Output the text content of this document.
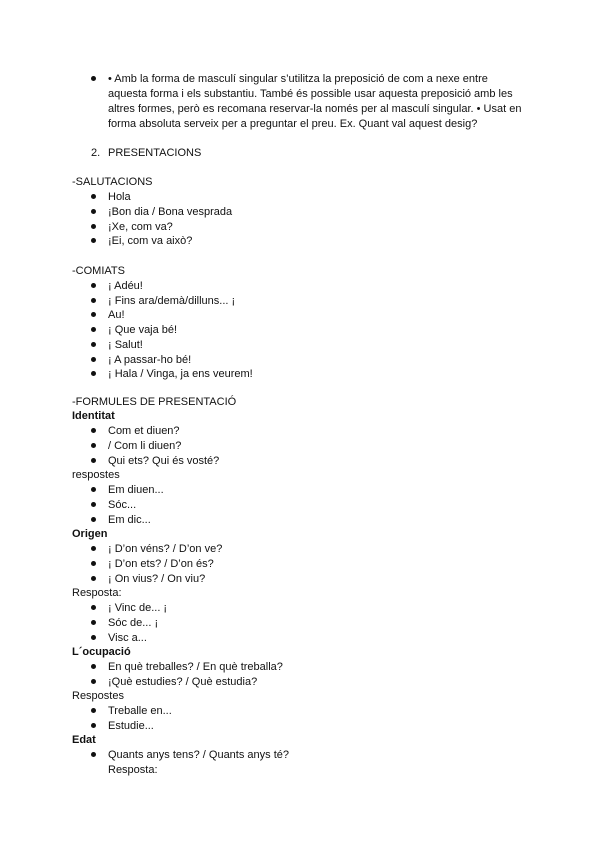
• Amb la forma de masculí singular s’utilitza la preposició de com a nexe entre
aquesta forma i els substantiu. També és possible usar aquesta preposició amb les
altres formes, però es recomana reservar-la només per al masculí singular. • Usat en
forma absoluta serveix per a preguntar el preu. Ex. Quant val aquest desig?
2. PRESENTACIONS
-SALUTACIONS
Hola
¡Bon dia / Bona vesprada
¡Xe, com va?
¡Ei, com va això?
-COMIATS
¡ Adéu!
¡ Fins ara/demà/dilluns... ¡
Au!
¡ Que vaja bé!
¡ Salut!
¡ A passar-ho bé!
¡ Hala / Vinga, ja ens veurem!
-FORMULES DE PRESENTACIÓ
Identitat
Com et diuen?
/ Com li diuen?
Qui ets? Qui és vosté?
respostes
Em diuen...
Sóc...
Em dic...
Origen
¡ D’on véns? / D’on ve?
¡ D’on ets? / D’on és?
¡ On vius? / On viu?
Resposta:
¡ Vinc de... ¡
Sóc de... ¡
Visc a...
L´ocupació
En què treballes? / En què treballa?
¡Què estudies? / Què estudia?
Respostes
Treballe en...
Estudie...
Edat
Quants anys tens? / Quants anys té?
Resposta:
